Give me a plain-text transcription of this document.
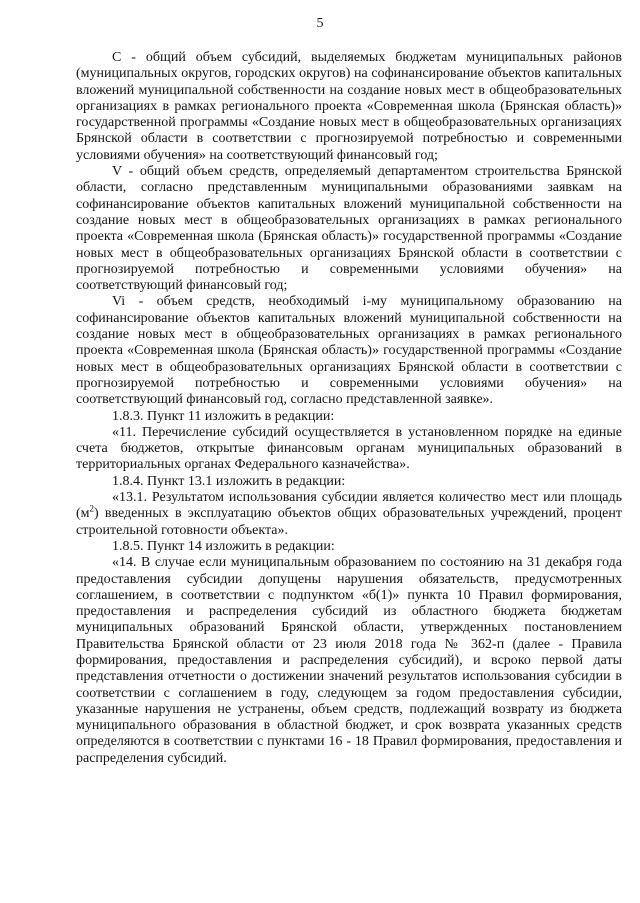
5

C - общий объем субсидий, выделяемых бюджетам муниципальных районов (муниципальных округов, городских округов) на софинансирование объектов капитальных вложений муниципальной собственности на создание новых мест в общеобразовательных организациях в рамках регионального проекта «Современная школа (Брянская область)» государственной программы «Создание новых мест в общеобразовательных организациях Брянской области в соответствии с прогнозируемой потребностью и современными условиями обучения» на соответствующий финансовый год;

V - общий объем средств, определяемый департаментом строительства Брянской области, согласно представленным муниципальными образованиями заявкам на софинансирование объектов капитальных вложений муниципальной собственности на создание новых мест в общеобразовательных организациях в рамках регионального проекта «Современная школа (Брянская область)» государственной программы «Создание новых мест в общеобразовательных организациях Брянской области в соответствии с прогнозируемой потребностью и современными условиями обучения» на соответствующий финансовый год;

Vi - объем средств, необходимый i-му муниципальному образованию на софинансирование объектов капитальных вложений муниципальной собственности на создание новых мест в общеобразовательных организациях в рамках регионального проекта «Современная школа (Брянская область)» государственной программы «Создание новых мест в общеобразовательных организациях Брянской области в соответствии с прогнозируемой потребностью и современными условиями обучения» на соответствующий финансовый год, согласно представленной заявке».

1.8.3. Пункт 11 изложить в редакции:

«11. Перечисление субсидий осуществляется в установленном порядке на единые счета бюджетов, открытые финансовым органам муниципальных образований в территориальных органах Федерального казначейства».

1.8.4. Пункт 13.1 изложить в редакции:

«13.1. Результатом использования субсидии является количество мест или площадь $(м^2)$ введенных в эксплуатацию объектов общих образовательных учреждений, процент строительной готовности объекта».

1.8.5. Пункт 14 изложить в редакции:

«14. В случае если муниципальным образованием по состоянию на 31 декабря года предоставления субсидии допущены нарушения обязательств, предусмотренных соглашением, в соответствии с подпунктом «б(1)» пункта 10 Правил формирования, предоставления и распределения субсидий из областного бюджета бюджетам муниципальных образований Брянской области, утвержденных постановлением Правительства Брянской области от 23 июля 2018 года № 362-п (далее - Правила формирования, предоставления и распределения субсидий), и всроко первой даты представления отчетности о достижении значений результатов использования субсидии в соответствии с соглашением в году, следующем за годом предоставления субсидии, указанные нарушения не устранены, объем средств, подлежащий возврату из бюджета муниципального образования в областной бюджет, и срок возврата указанных средств определяются в соответствии с пунктами 16 - 18 Правил формирования, предоставления и распределения субсидий.
